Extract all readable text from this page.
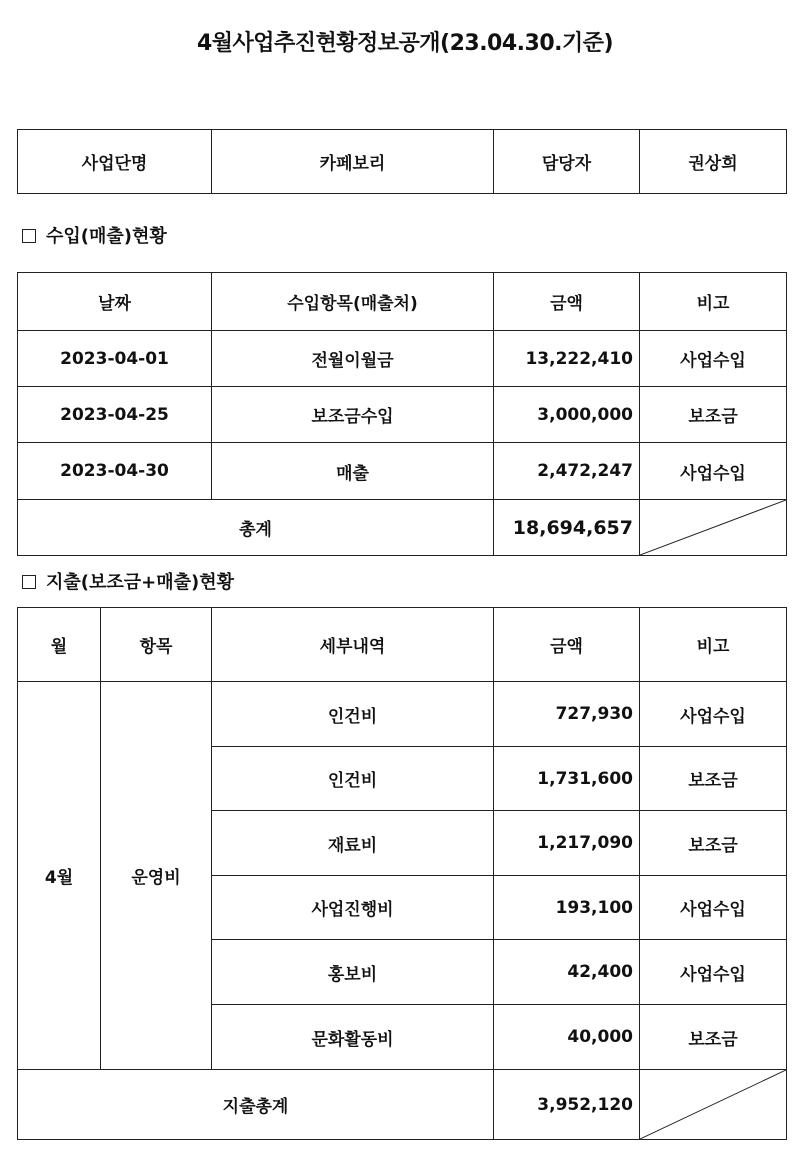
4월사업추진현황정보공개(23.04.30.기준)
사업단명	카페보리	담당자	권상희
수입(매출)현황
날짜	수입항목(매출처)	금액	비고
2023-04-01	전월이월금	13,222,410	사업수입
2023-04-25	보조금수입	3,000,000	보조금
2023-04-30	매출	2,472,247	사업수입
총계		18,694,657	
지출(보조금+매출)현황
월	항목	세부내역	금액	비고
4월	운영비	인건비	727,930	사업수입
		인건비	1,731,600	보조금
		재료비	1,217,090	보조금
		사업진행비	193,100	사업수입
		홍보비	42,400	사업수입
		문화활동비	40,000	보조금
지출총계			3,952,120	
